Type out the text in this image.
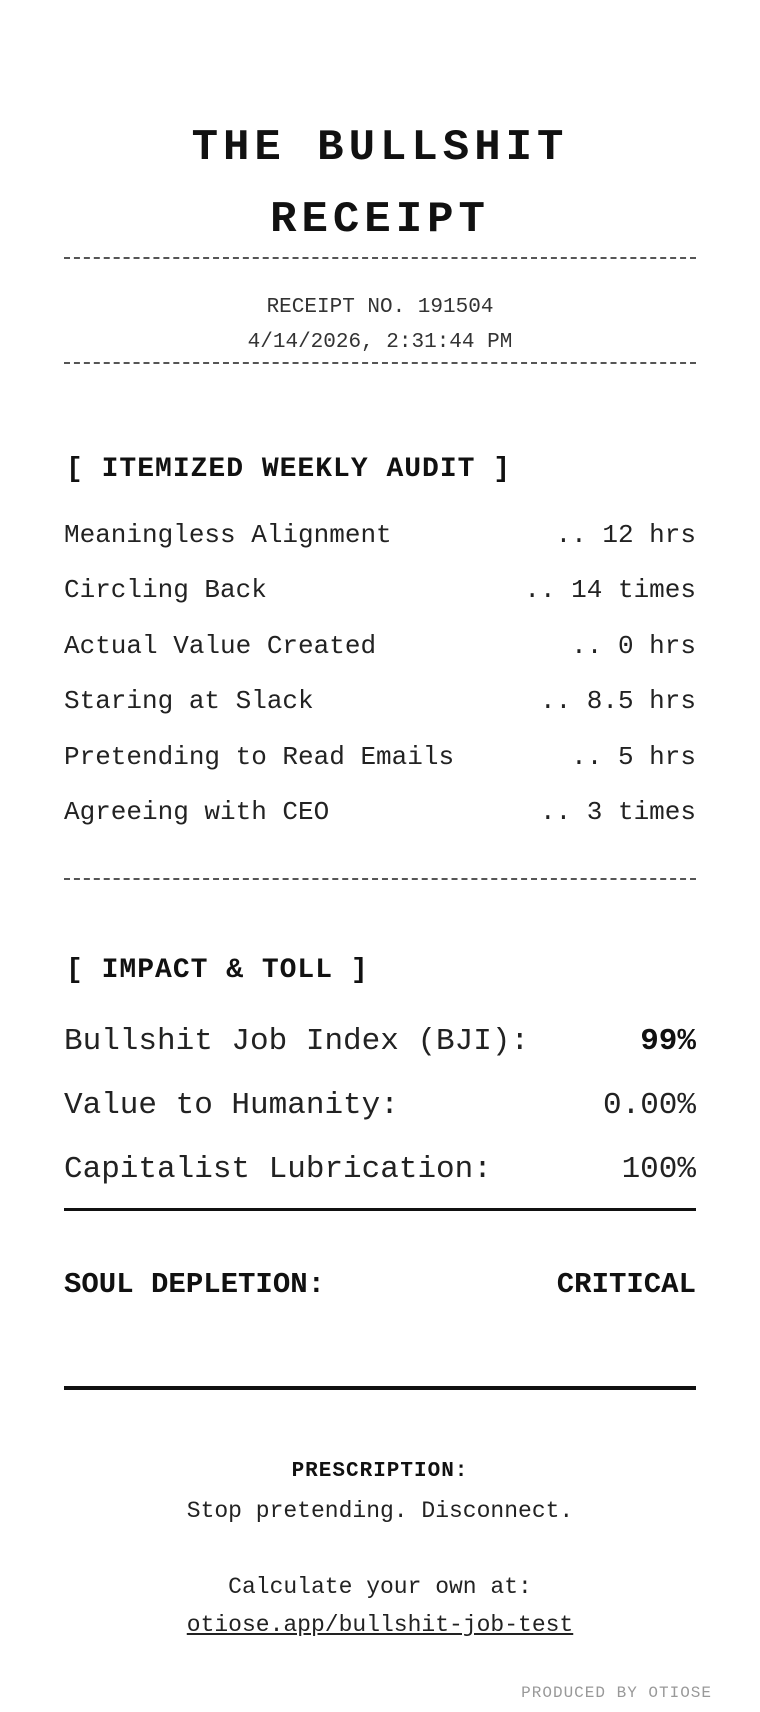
THE BULLSHIT
RECEIPT
RECEIPT NO. 191504
4/14/2026, 2:31:44 PM
[ ITEMIZED WEEKLY AUDIT ]
Meaningless Alignment	.. 12 hrs
Circling Back	.. 14 times
Actual Value Created	.. 0 hrs
Staring at Slack	.. 8.5 hrs
Pretending to Read Emails	.. 5 hrs
Agreeing with CEO	.. 3 times
[ IMPACT & TOLL ]
Bullshit Job Index (BJI):	99%
Value to Humanity:	0.00%
Capitalist Lubrication:	100%
SOUL DEPLETION:	CRITICAL
PRESCRIPTION:
Stop pretending. Disconnect.
Calculate your own at:
otiose.app/bullshit-job-test
PRODUCED BY OTIOSE
